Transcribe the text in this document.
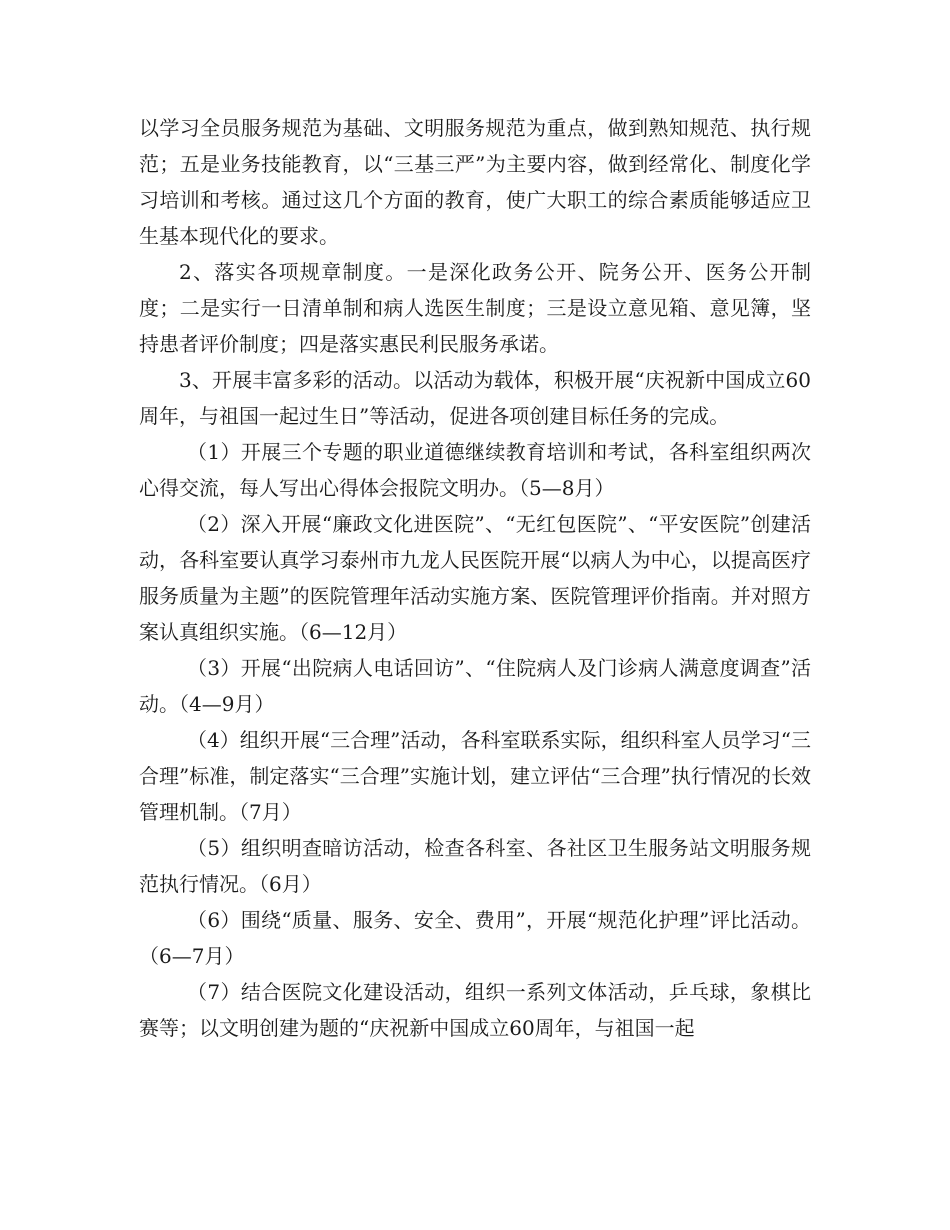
以学习全员服务规范为基础、文明服务规范为重点，做到熟知规范、执行规范；五是业务技能教育，以“三基三严”为主要内容，做到经常化、制度化学习培训和考核。通过这几个方面的教育，使广大职工的综合素质能够适应卫生基本现代化的要求。

2、落实各项规章制度。一是深化政务公开、院务公开、医务公开制度；二是实行一日清单制和病人选医生制度；三是设立意见箱、意见簿，坚持患者评价制度；四是落实惠民利民服务承诺。

3、开展丰富多彩的活动。以活动为载体，积极开展“庆祝新中国成立60周年，与祖国一起过生日”等活动，促进各项创建目标任务的完成。

（1）开展三个专题的职业道德继续教育培训和考试，各科室组织两次心得交流，每人写出心得体会报院文明办。（5—8月）

（2）深入开展“廉政文化进医院”、“无红包医院”、“平安医院”创建活动，各科室要认真学习泰州市九龙人民医院开展“以病人为中心，以提高医疗服务质量为主题”的医院管理年活动实施方案、医院管理评价指南。并对照方案认真组织实施。（6—12月）

（3）开展“出院病人电话回访”、“住院病人及门诊病人满意度调查”活动。（4—9月）

（4）组织开展“三合理”活动，各科室联系实际，组织科室人员学习“三合理”标准，制定落实“三合理”实施计划，建立评估“三合理”执行情况的长效管理机制。（7月）

（5）组织明查暗访活动，检查各科室、各社区卫生服务站文明服务规范执行情况。（6月）

（6）围绕“质量、服务、安全、费用”，开展“规范化护理”评比活动。（6—7月）

（7）结合医院文化建设活动，组织一系列文体活动，乒乓球，象棋比赛等；以文明创建为题的“庆祝新中国成立60周年，与祖国一起
